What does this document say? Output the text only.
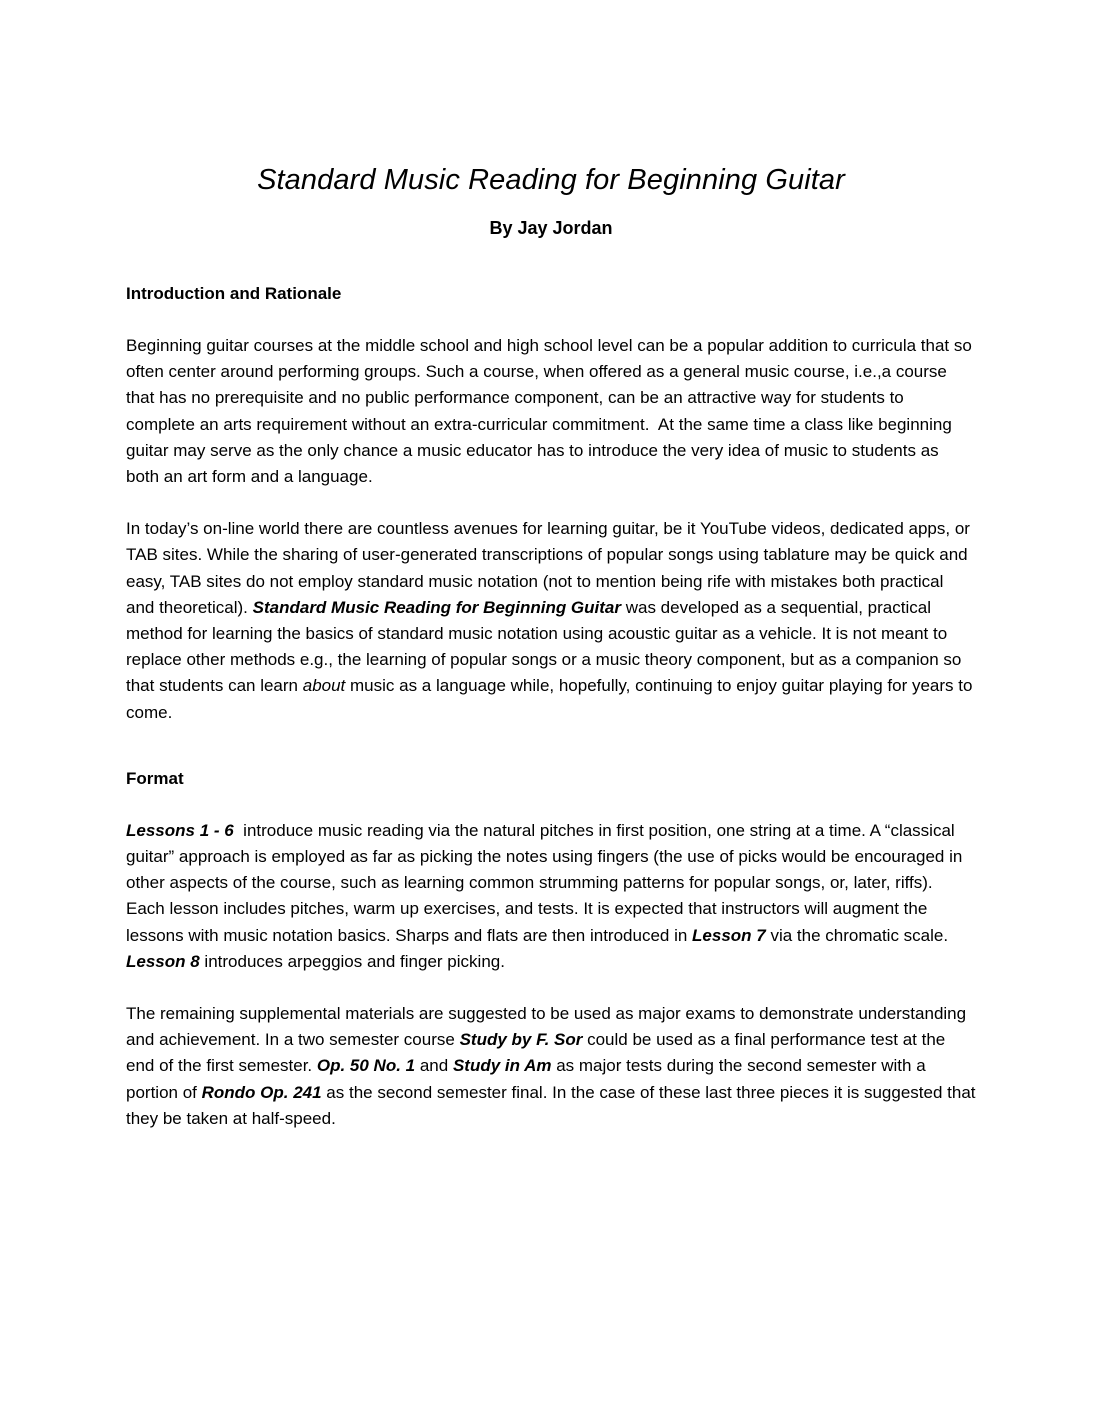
Standard Music Reading for Beginning Guitar
By Jay Jordan
Introduction and Rationale

Beginning guitar courses at the middle school and high school level can be a popular addition to curricula that so often center around performing groups. Such a course, when offered as a general music course, i.e.,a course that has no prerequisite and no public performance component, can be an attractive way for students to complete an arts requirement without an extra-curricular commitment.  At the same time a class like beginning guitar may serve as the only chance a music educator has to introduce the very idea of music to students as both an art form and a language.

In today’s on-line world there are countless avenues for learning guitar, be it YouTube videos, dedicated apps, or TAB sites. While the sharing of user-generated transcriptions of popular songs using tablature may be quick and easy, TAB sites do not employ standard music notation (not to mention being rife with mistakes both practical and theoretical). Standard Music Reading for Beginning Guitar was developed as a sequential, practical method for learning the basics of standard music notation using acoustic guitar as a vehicle. It is not meant to replace other methods e.g., the learning of popular songs or a music theory component, but as a companion so that students can learn about music as a language while, hopefully, continuing to enjoy guitar playing for years to come.

Format

Lessons 1 - 6  introduce music reading via the natural pitches in first position, one string at a time. A “classical guitar” approach is employed as far as picking the notes using fingers (the use of picks would be encouraged in other aspects of the course, such as learning common strumming patterns for popular songs, or, later, riffs).  Each lesson includes pitches, warm up exercises, and tests. It is expected that instructors will augment the lessons with music notation basics. Sharps and flats are then introduced in Lesson 7 via the chromatic scale. Lesson 8 introduces arpeggios and finger picking.

The remaining supplemental materials are suggested to be used as major exams to demonstrate understanding and achievement. In a two semester course Study by F. Sor could be used as a final performance test at the end of the first semester. Op. 50 No. 1 and Study in Am as major tests during the second semester with a portion of Rondo Op. 241 as the second semester final. In the case of these last three pieces it is suggested that they be taken at half-speed.
